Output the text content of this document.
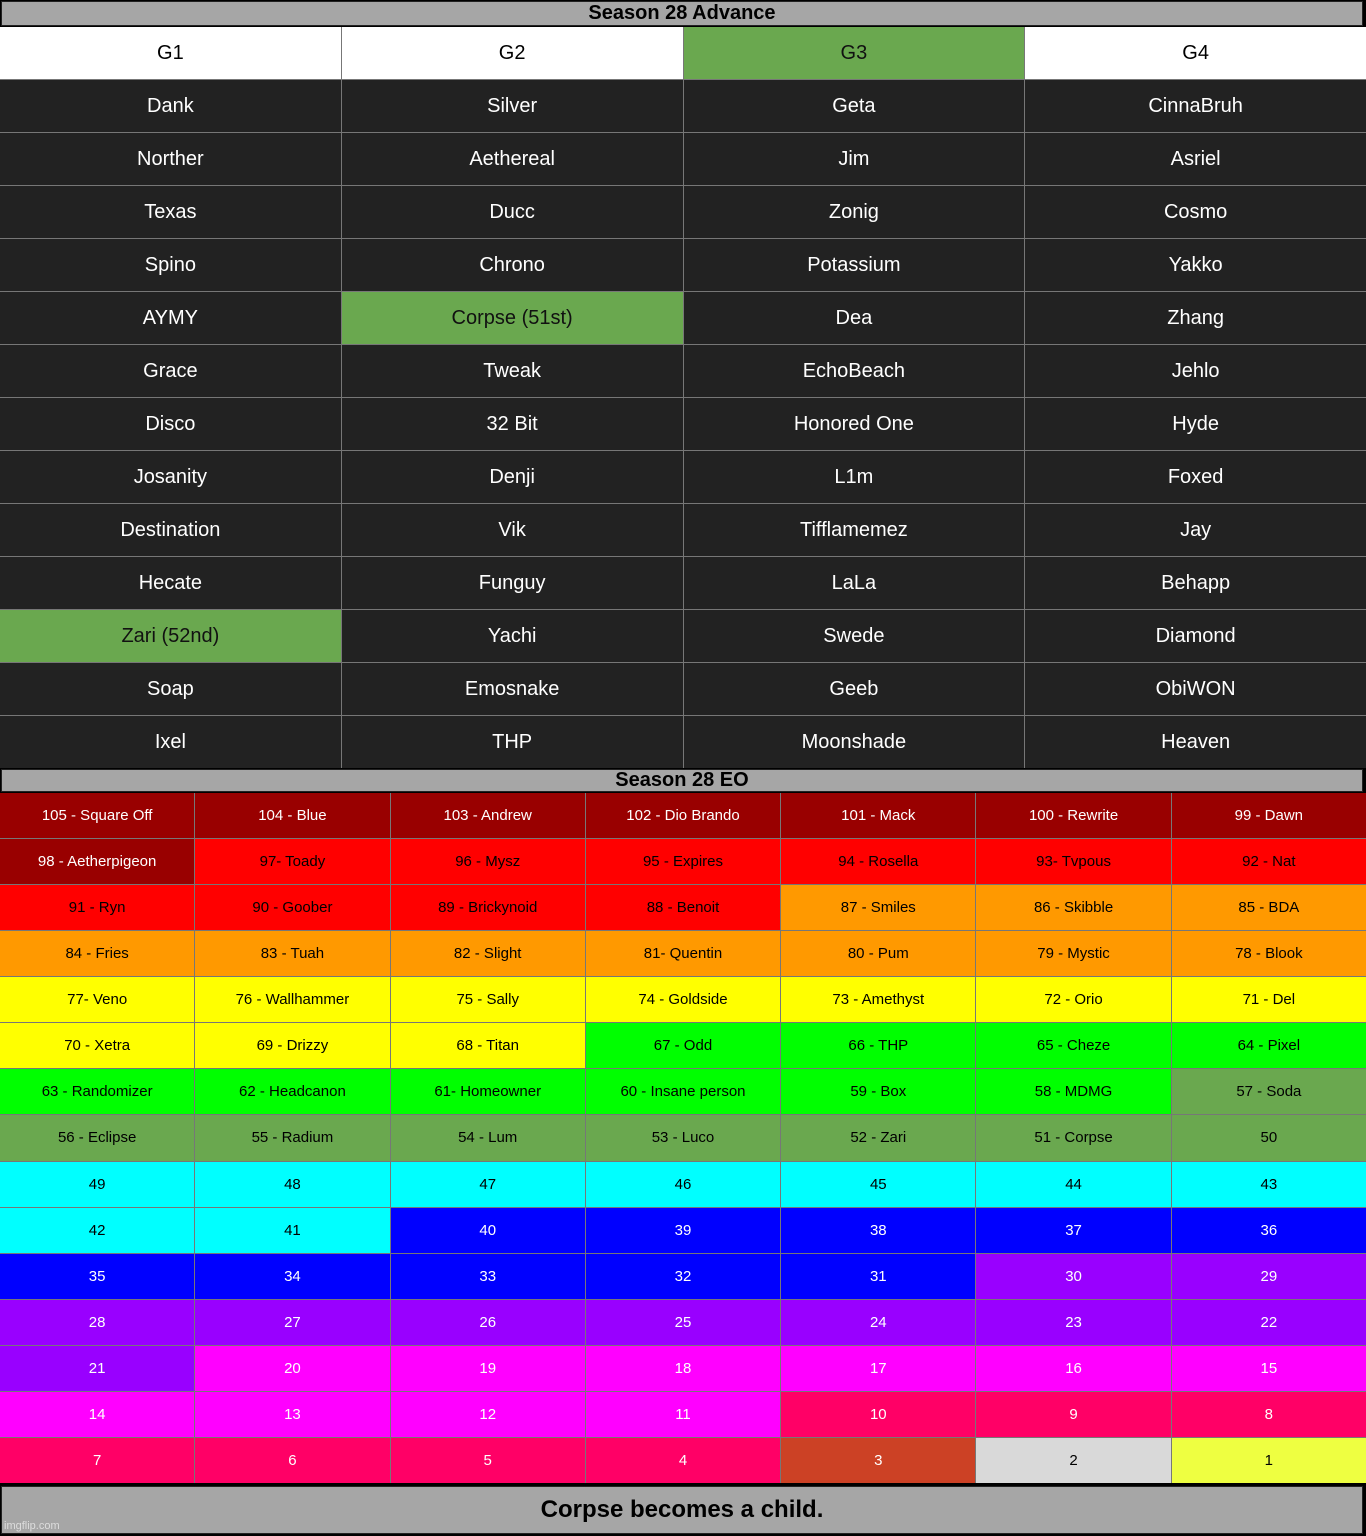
Season 28 Advance
G1	G2	G3	G4
Dank	Silver	Geta	CinnaBruh
Norther	Aethereal	Jim	Asriel
Texas	Ducc	Zonig	Cosmo
Spino	Chrono	Potassium	Yakko
AYMY	Corpse (51st)	Dea	Zhang
Grace	Tweak	EchoBeach	Jehlo
Disco	32 Bit	Honored One	Hyde
Josanity	Denji	L1m	Foxed
Destination	Vik	Tifflamemez	Jay
Hecate	Funguy	LaLa	Behapp
Zari (52nd)	Yachi	Swede	Diamond
Soap	Emosnake	Geeb	ObiWON
Ixel	THP	Moonshade	Heaven
Season 28 EO
105 - Square Off	104 - Blue	103 - Andrew	102 - Dio Brando	101 - Mack	100 - Rewrite	99 - Dawn
98 - Aetherpigeon	97- Toady	96 - Mysz	95 - Expires	94 - Rosella	93- Tvpous	92 - Nat
91 - Ryn	90 - Goober	89 - Brickynoid	88 - Benoit	87 - Smiles	86 - Skibble	85 - BDA
84 - Fries	83 - Tuah	82 - Slight	81- Quentin	80 - Pum	79 - Mystic	78 - Blook
77- Veno	76 - Wallhammer	75 - Sally	74 - Goldside	73 - Amethyst	72 - Orio	71 - Del
70 - Xetra	69 - Drizzy	68 - Titan	67 - Odd	66 - THP	65 - Cheze	64 - Pixel
63 - Randomizer	62 - Headcanon	61- Homeowner	60 - Insane person	59 - Box	58 - MDMG	57 - Soda
56 - Eclipse	55 - Radium	54 - Lum	53 - Luco	52 - Zari	51 - Corpse	50
49	48	47	46	45	44	43
42	41	40	39	38	37	36
35	34	33	32	31	30	29
28	27	26	25	24	23	22
21	20	19	18	17	16	15
14	13	12	11	10	9	8
7	6	5	4	3	2	1
Corpse becomes a child.
imgflip.com
